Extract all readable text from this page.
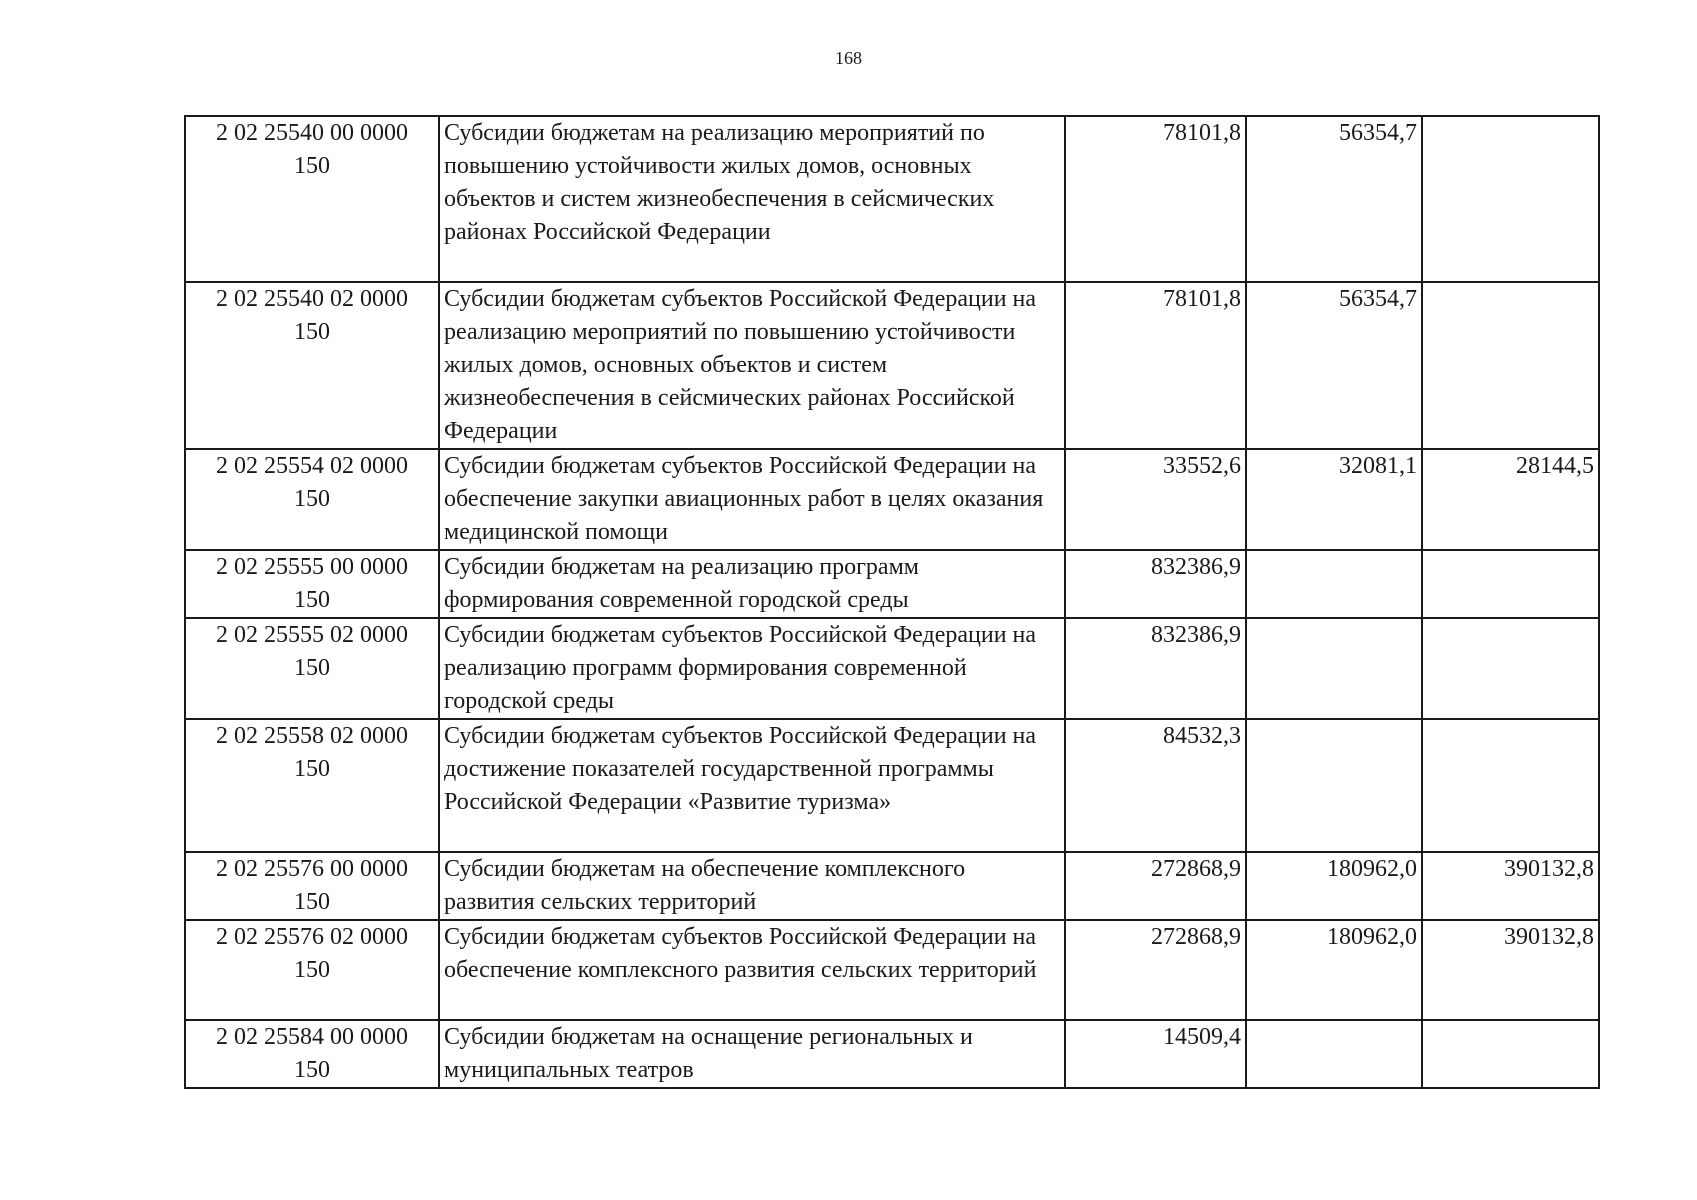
168
2 02 25540 00 0000
150	Субсидии бюджетам на реализацию мероприятий по повышению устойчивости жилых домов, основных объектов и систем жизнеобеспечения в сейсмических районах Российской Федерации	78101,8	56354,7	
2 02 25540 02 0000
150	Субсидии бюджетам субъектов Российской Федерации на реализацию мероприятий по повышению устойчивости жилых домов, основных объектов и систем жизнеобеспечения в сейсмических районах Российской Федерации	78101,8	56354,7	
2 02 25554 02 0000
150	Субсидии бюджетам субъектов Российской Федерации на обеспечение закупки авиационных работ в целях оказания медицинской помощи	33552,6	32081,1	28144,5
2 02 25555 00 0000
150	Субсидии бюджетам на реализацию программ формирования современной городской среды	832386,9		
2 02 25555 02 0000
150	Субсидии бюджетам субъектов Российской Федерации на реализацию программ формирования современной городской среды	832386,9		
2 02 25558 02 0000
150	Субсидии бюджетам субъектов Российской Федерации на достижение показателей государственной программы Российской Федерации «Развитие туризма»	84532,3		
2 02 25576 00 0000
150	Субсидии бюджетам на обеспечение комплексного развития сельских территорий	272868,9	180962,0	390132,8
2 02 25576 02 0000
150	Субсидии бюджетам субъектов Российской Федерации на обеспечение комплексного развития сельских территорий	272868,9	180962,0	390132,8
2 02 25584 00 0000
150	Субсидии бюджетам на оснащение региональных и муниципальных театров	14509,4		
